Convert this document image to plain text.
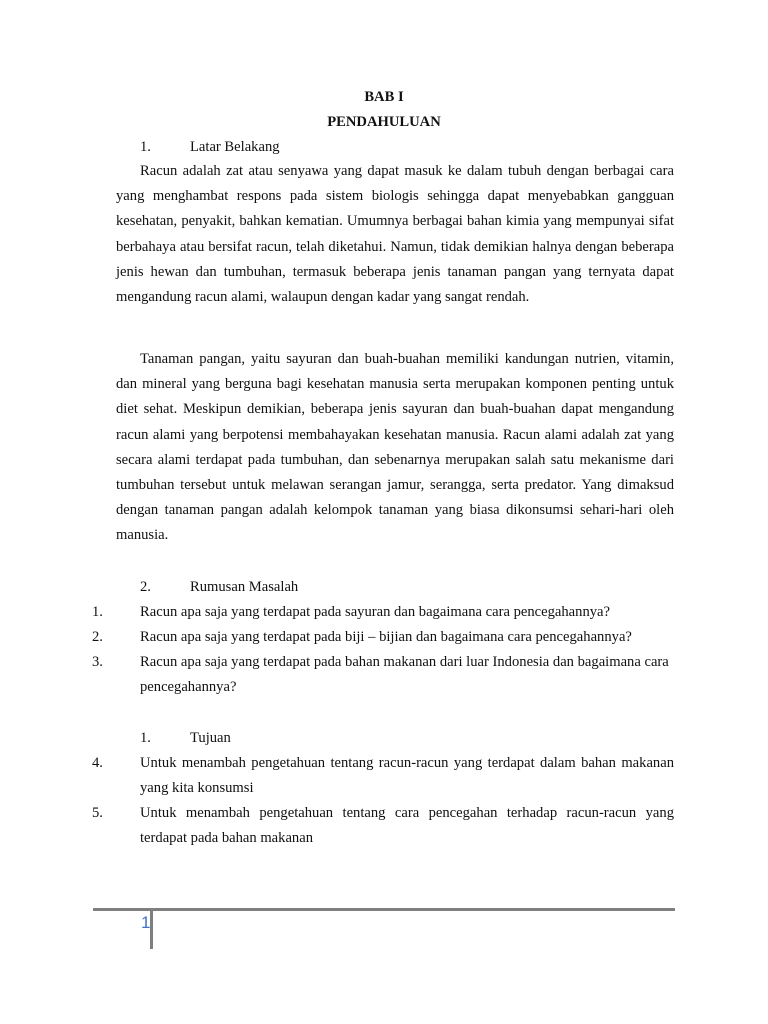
BAB I
PENDAHULUAN
1.	Latar Belakang

Racun adalah zat atau senyawa yang dapat masuk ke dalam tubuh dengan berbagai cara yang menghambat respons pada sistem biologis sehingga dapat menyebabkan gangguan kesehatan, penyakit, bahkan kematian. Umumnya berbagai bahan kimia yang mempunyai sifat berbahaya atau bersifat racun, telah diketahui. Namun, tidak demikian halnya dengan beberapa jenis hewan dan tumbuhan, termasuk beberapa jenis tanaman pangan yang ternyata dapat mengandung racun alami, walaupun dengan kadar yang sangat rendah.

Tanaman pangan, yaitu sayuran dan buah-buahan memiliki kandungan nutrien, vitamin, dan mineral yang berguna bagi kesehatan manusia serta merupakan komponen penting untuk diet sehat. Meskipun demikian, beberapa jenis sayuran dan buah-buahan dapat mengandung racun alami yang berpotensi membahayakan kesehatan manusia. Racun alami adalah zat yang secara alami terdapat pada tumbuhan, dan sebenarnya merupakan salah satu mekanisme dari tumbuhan tersebut untuk melawan serangan jamur, serangga, serta predator. Yang dimaksud dengan tanaman pangan adalah kelompok tanaman yang biasa dikonsumsi sehari-hari oleh manusia.

2.	Rumusan Masalah
1.	Racun apa saja yang terdapat pada sayuran dan bagaimana cara pencegahannya?

2.	Racun apa saja yang terdapat pada biji – bijian dan bagaimana cara pencegahannya?

3.	Racun apa saja yang terdapat pada bahan makanan dari luar Indonesia dan bagaimana cara pencegahannya?

1.	Tujuan
4.	Untuk menambah pengetahuan tentang racun-racun yang terdapat dalam bahan makanan yang kita konsumsi

5.	Untuk menambah pengetahuan tentang cara pencegahan terhadap racun-racun yang terdapat pada bahan makanan

1
